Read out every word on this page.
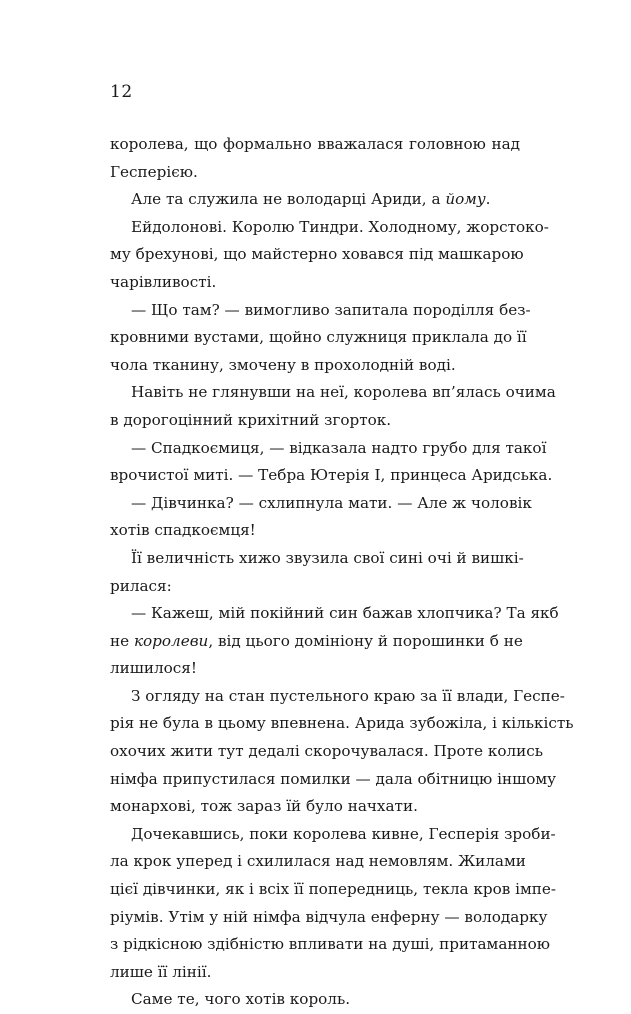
12
королева, що формально вважалася головною над
Гесперією.
Але та служила не володарці Ариди, а йому.
Ейдолонові. Королю Тиндри. Холодному, жорстоко-
му брехунові, що майстерно ховався під машкарою
чарівливості.
— Що там? — вимогливо запитала породілля без-
кровними вустами, щойно служниця приклала до її
чола тканину, змочену в прохолодній воді.
Навіть не глянувши на неї, королева вп’ялась очима
в дорогоцінний крихітний згорток.
— Спадкоємиця, — відказала надто грубо для такої
врочистої миті. — Тебра Ютерія I, принцеса Аридська.
— Дівчинка? — схлипнула мати. — Але ж чоловік
хотів спадкоємця!
Її величність хижо звузила свої сині очі й вишкі-
рилася:
— Кажеш, мій покійний син бажав хлопчика? Та якб
не королеви, від цього домініону й порошинки б не
лишилося!
З огляду на стан пустельного краю за її влади, Геспе-
рія не була в цьому впевнена. Арида зубожіла, і кількість
охочих жити тут дедалі скорочувалася. Проте колись
німфа припустилася помилки — дала обітницю іншому
монархові, тож зараз їй було начхати.
Дочекавшись, поки королева кивне, Гесперія зроби-
ла крок уперед і схилилася над немовлям. Жилами
цієї дівчинки, як і всіх її попередниць, текла кров імпе-
ріумів. Утім у ній німфа відчула енферну — володарку
з рідкісною здібністю впливати на душі, притаманною
лише її лінії.
Саме те, чого хотів король.
